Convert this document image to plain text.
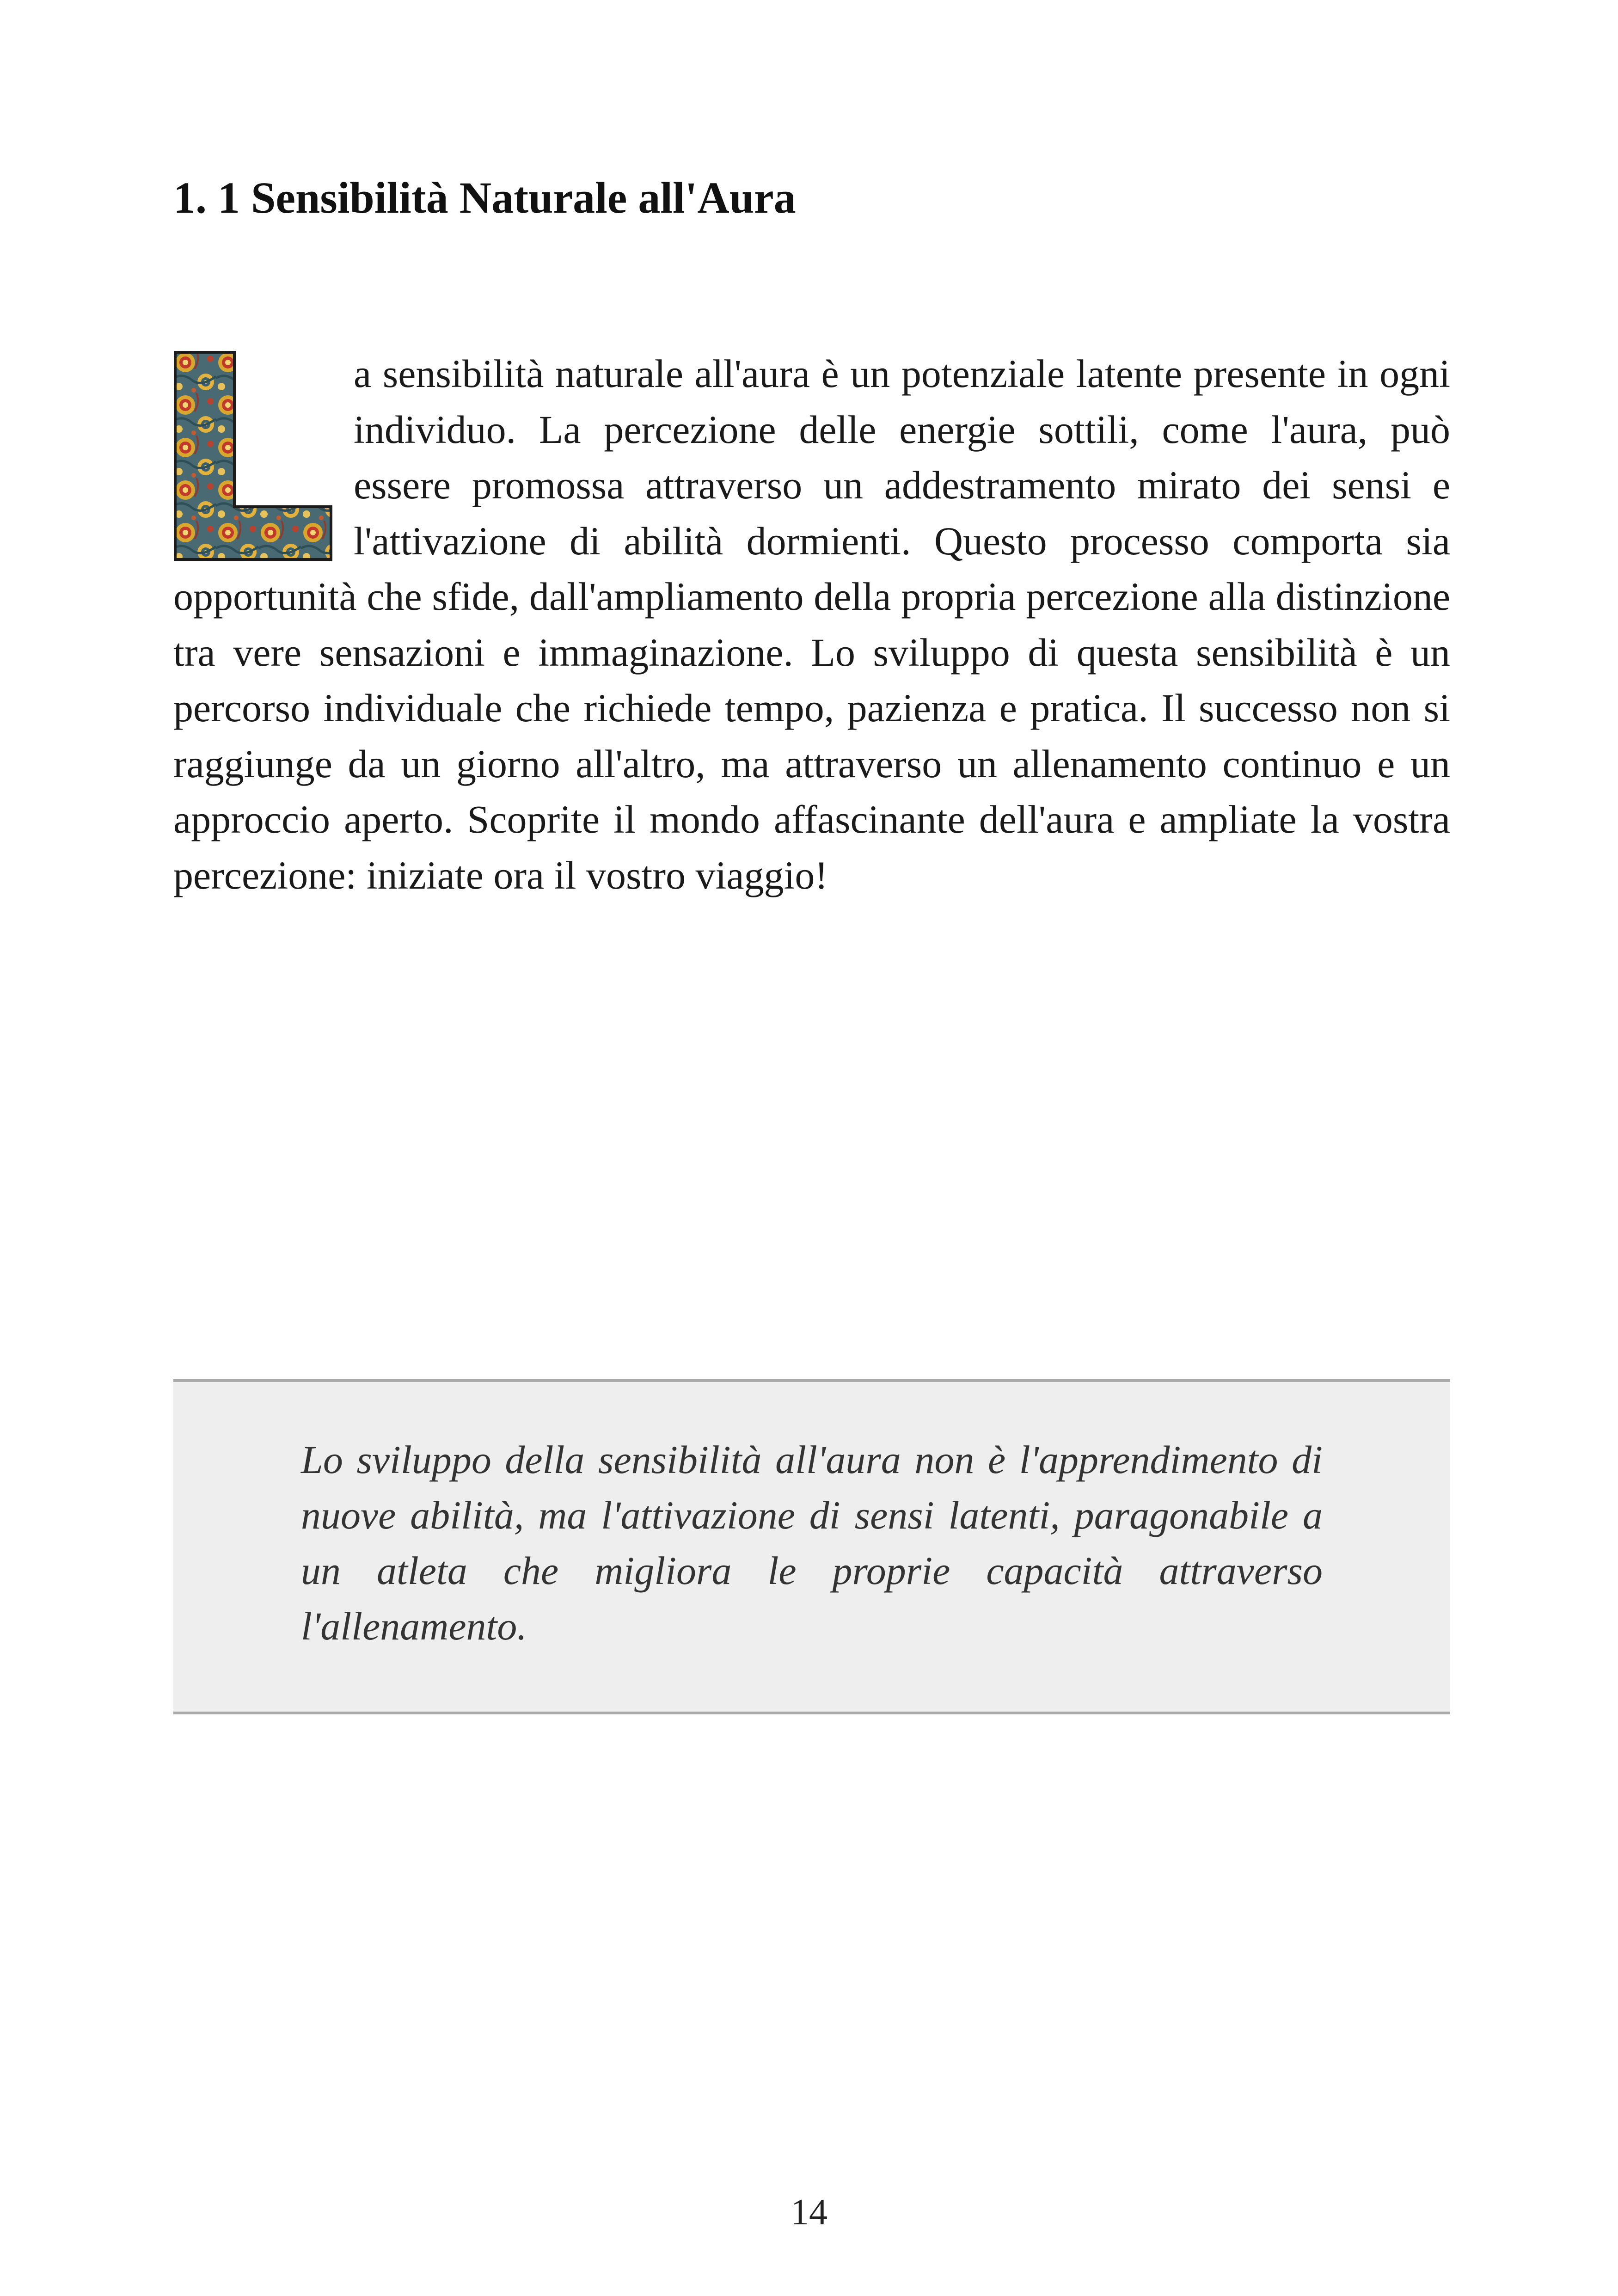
1. 1 Sensibilità Naturale all'Aura
L

a sensibilità naturale all'aura è un potenziale latente presente in ogni individuo. La percezione delle energie sottili, come l'aura, può essere promossa attraverso un addestramento mirato dei sensi e l'attivazione di abilità dormienti. Questo processo comporta sia opportunità che sfide, dall'ampliamento della propria percezione alla distinzione tra vere sensazioni e immaginazione. Lo sviluppo di questa sensibilità è un percorso individuale che richiede tempo, pazienza e pratica. Il successo non si raggiunge da un giorno all'altro, ma attraverso un allenamento continuo e un approccio aperto. Scoprite il mondo affascinante dell'aura e ampliate la vostra percezione: iniziate ora il vostro viaggio!

Lo sviluppo della sensibilità all'aura non è l'apprendimento di nuove abilità, ma l'attivazione di sensi latenti, paragonabile a un atleta che migliora le proprie capacità attraverso l'allenamento.

14
